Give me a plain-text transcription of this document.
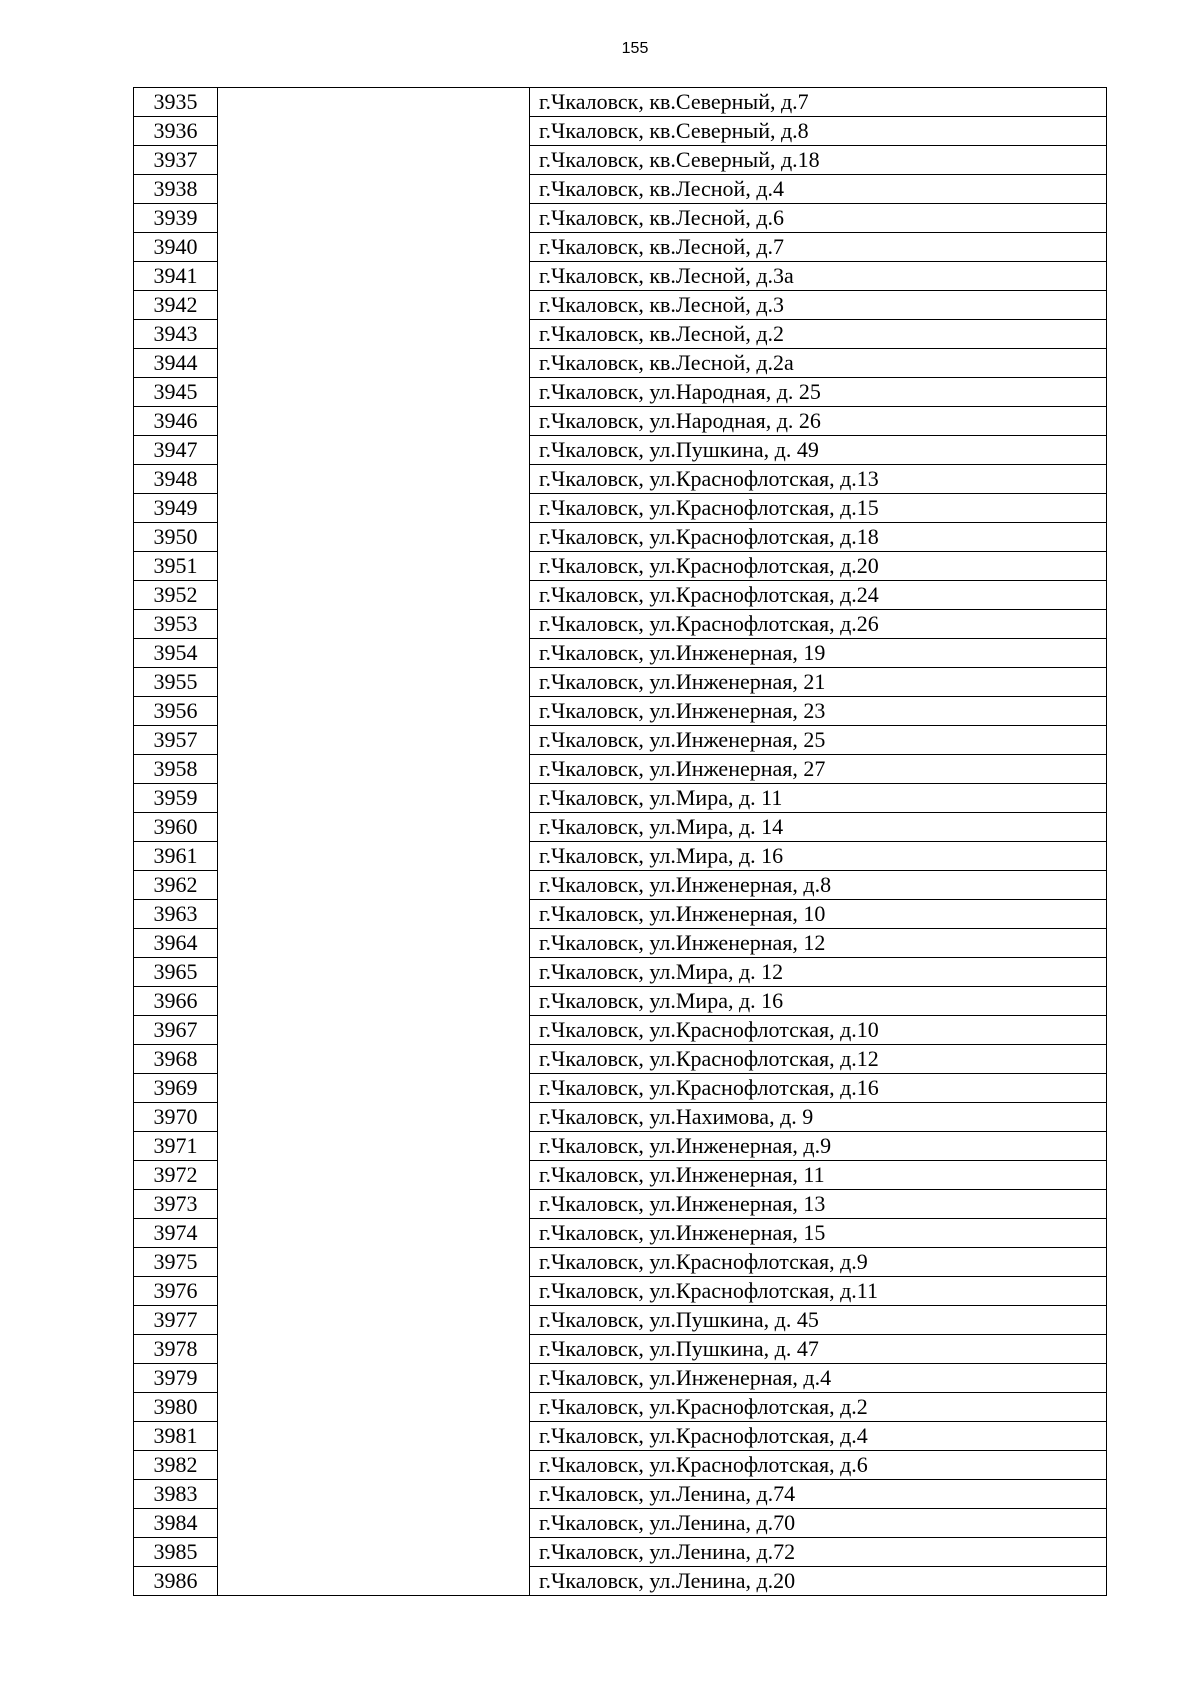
155
3935		г.Чкаловск, кв.Северный, д.7
3936		г.Чкаловск, кв.Северный, д.8
3937		г.Чкаловск, кв.Северный, д.18
3938		г.Чкаловск, кв.Лесной, д.4
3939		г.Чкаловск, кв.Лесной, д.6
3940		г.Чкаловск, кв.Лесной, д.7
3941		г.Чкаловск, кв.Лесной, д.3а
3942		г.Чкаловск, кв.Лесной, д.3
3943		г.Чкаловск, кв.Лесной, д.2
3944		г.Чкаловск, кв.Лесной, д.2а
3945		г.Чкаловск, ул.Народная, д. 25
3946		г.Чкаловск, ул.Народная, д. 26
3947		г.Чкаловск, ул.Пушкина, д. 49
3948		г.Чкаловск, ул.Краснофлотская, д.13
3949		г.Чкаловск, ул.Краснофлотская, д.15
3950		г.Чкаловск, ул.Краснофлотская, д.18
3951		г.Чкаловск, ул.Краснофлотская, д.20
3952		г.Чкаловск, ул.Краснофлотская, д.24
3953		г.Чкаловск, ул.Краснофлотская, д.26
3954		г.Чкаловск, ул.Инженерная, 19
3955		г.Чкаловск, ул.Инженерная, 21
3956		г.Чкаловск, ул.Инженерная, 23
3957		г.Чкаловск, ул.Инженерная, 25
3958		г.Чкаловск, ул.Инженерная, 27
3959		г.Чкаловск, ул.Мира, д. 11
3960		г.Чкаловск, ул.Мира, д. 14
3961		г.Чкаловск, ул.Мира, д. 16
3962		г.Чкаловск, ул.Инженерная, д.8
3963		г.Чкаловск, ул.Инженерная, 10
3964		г.Чкаловск, ул.Инженерная, 12
3965		г.Чкаловск, ул.Мира, д. 12
3966		г.Чкаловск, ул.Мира, д. 16
3967		г.Чкаловск, ул.Краснофлотская, д.10
3968		г.Чкаловск, ул.Краснофлотская, д.12
3969		г.Чкаловск, ул.Краснофлотская, д.16
3970		г.Чкаловск, ул.Нахимова, д. 9
3971		г.Чкаловск, ул.Инженерная, д.9
3972		г.Чкаловск, ул.Инженерная, 11
3973		г.Чкаловск, ул.Инженерная, 13
3974		г.Чкаловск, ул.Инженерная, 15
3975		г.Чкаловск, ул.Краснофлотская, д.9
3976		г.Чкаловск, ул.Краснофлотская, д.11
3977		г.Чкаловск, ул.Пушкина, д. 45
3978		г.Чкаловск, ул.Пушкина, д. 47
3979		г.Чкаловск, ул.Инженерная, д.4
3980		г.Чкаловск, ул.Краснофлотская, д.2
3981		г.Чкаловск, ул.Краснофлотская, д.4
3982		г.Чкаловск, ул.Краснофлотская, д.6
3983		г.Чкаловск, ул.Ленина, д.74
3984		г.Чкаловск, ул.Ленина, д.70
3985		г.Чкаловск, ул.Ленина, д.72
3986		г.Чкаловск, ул.Ленина, д.20
